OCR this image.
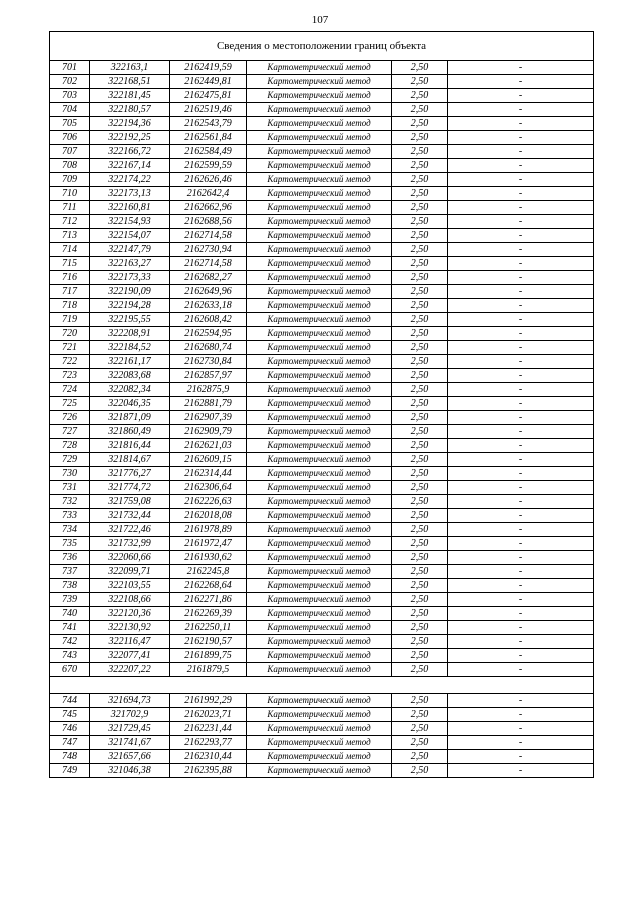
107
Сведения о местоположении границ объекта					
701	322163,1	2162419,59	Картометрический метод	2,50	-
702	322168,51	2162449,81	Картометрический метод	2,50	-
703	322181,45	2162475,81	Картометрический метод	2,50	-
704	322180,57	2162519,46	Картометрический метод	2,50	-
705	322194,36	2162543,79	Картометрический метод	2,50	-
706	322192,25	2162561,84	Картометрический метод	2,50	-
707	322166,72	2162584,49	Картометрический метод	2,50	-
708	322167,14	2162599,59	Картометрический метод	2,50	-
709	322174,22	2162626,46	Картометрический метод	2,50	-
710	322173,13	2162642,4	Картометрический метод	2,50	-
711	322160,81	2162662,96	Картометрический метод	2,50	-
712	322154,93	2162688,56	Картометрический метод	2,50	-
713	322154,07	2162714,58	Картометрический метод	2,50	-
714	322147,79	2162730,94	Картометрический метод	2,50	-
715	322163,27	2162714,58	Картометрический метод	2,50	-
716	322173,33	2162682,27	Картометрический метод	2,50	-
717	322190,09	2162649,96	Картометрический метод	2,50	-
718	322194,28	2162633,18	Картометрический метод	2,50	-
719	322195,55	2162608,42	Картометрический метод	2,50	-
720	322208,91	2162594,95	Картометрический метод	2,50	-
721	322184,52	2162680,74	Картометрический метод	2,50	-
722	322161,17	2162730,84	Картометрический метод	2,50	-
723	322083,68	2162857,97	Картометрический метод	2,50	-
724	322082,34	2162875,9	Картометрический метод	2,50	-
725	322046,35	2162881,79	Картометрический метод	2,50	-
726	321871,09	2162907,39	Картометрический метод	2,50	-
727	321860,49	2162909,79	Картометрический метод	2,50	-
728	321816,44	2162621,03	Картометрический метод	2,50	-
729	321814,67	2162609,15	Картометрический метод	2,50	-
730	321776,27	2162314,44	Картометрический метод	2,50	-
731	321774,72	2162306,64	Картометрический метод	2,50	-
732	321759,08	2162226,63	Картометрический метод	2,50	-
733	321732,44	2162018,08	Картометрический метод	2,50	-
734	321722,46	2161978,89	Картометрический метод	2,50	-
735	321732,99	2161972,47	Картометрический метод	2,50	-
736	322060,66	2161930,62	Картометрический метод	2,50	-
737	322099,71	2162245,8	Картометрический метод	2,50	-
738	322103,55	2162268,64	Картометрический метод	2,50	-
739	322108,66	2162271,86	Картометрический метод	2,50	-
740	322120,36	2162269,39	Картометрический метод	2,50	-
741	322130,92	2162250,11	Картометрический метод	2,50	-
742	322116,47	2162190,57	Картометрический метод	2,50	-
743	322077,41	2161899,75	Картометрический метод	2,50	-
670	322207,22	2161879,5	Картометрический метод	2,50	-

744	321694,73	2161992,29	Картометрический метод	2,50	-
745	321702,9	2162023,71	Картометрический метод	2,50	-
746	321729,45	2162231,44	Картометрический метод	2,50	-
747	321741,67	2162293,77	Картометрический метод	2,50	-
748	321657,66	2162310,44	Картометрический метод	2,50	-
749	321046,38	2162395,88	Картометрический метод	2,50	-
